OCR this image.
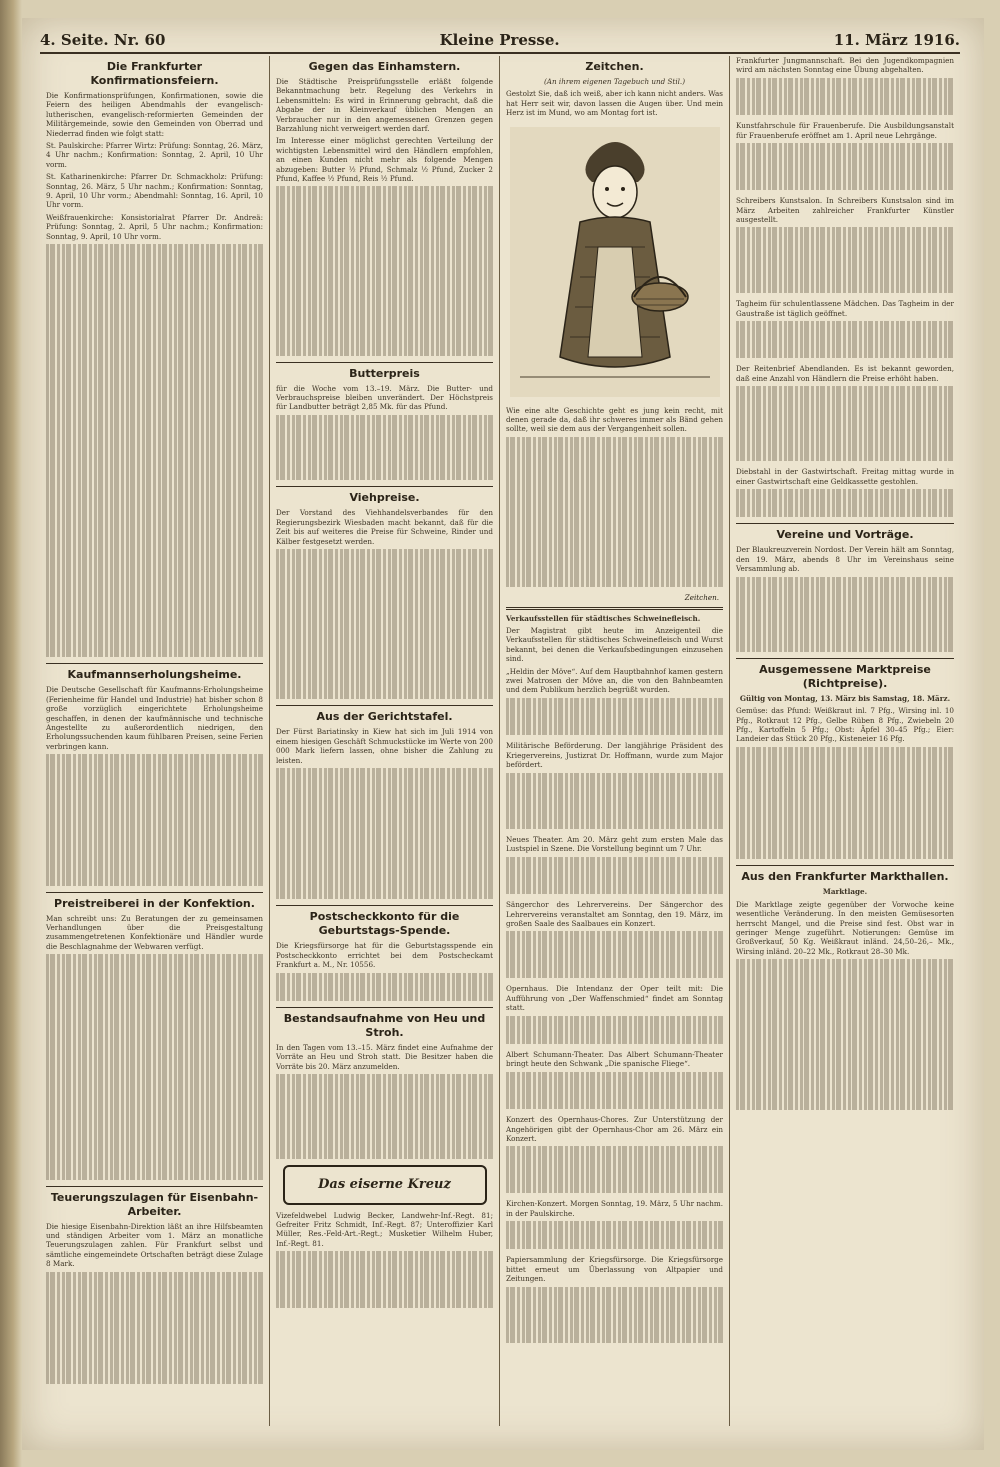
4. Seite. Nr. 60	Kleine Presse.	11. März 1916.
Die Frankfurter Konfirmationsfeiern.

Die Konfirmationsprüfungen, Konfirmationen, sowie die Feiern des heiligen Abendmahls der evangelisch-lutherischen, evangelisch-reformierten Gemeinden der Militärgemeinde, sowie den Gemeinden von Oberrad und Niederrad finden wie folgt statt:

St. Paulskirche: Pfarrer Wirtz: Prüfung: Sonntag, 26. März, 4 Uhr nachm.; Konfirmation: Sonntag, 2. April, 10 Uhr vorm.

St. Katharinenkirche: Pfarrer Dr. Schmackholz: Prüfung: Sonntag, 26. März, 5 Uhr nachm.; Konfirmation: Sonntag, 9. April, 10 Uhr vorm.; Abendmahl: Sonntag, 16. April, 10 Uhr vorm.

Weißfrauenkirche: Konsistorialrat Pfarrer Dr. Andreä: Prüfung: Sonntag, 2. April, 5 Uhr nachm.; Konfirmation: Sonntag, 9. April, 10 Uhr vorm.

Kaufmannserholungsheime.

Die Deutsche Gesellschaft für Kaufmanns-Erholungsheime (Ferienheime für Handel und Industrie) hat bisher schon 8 große vorzüglich eingerichtete Erholungsheime geschaffen, in denen der kaufmännische und technische Angestellte zu außerordentlich niedrigen, den Erholungssuchenden kaum fühlbaren Preisen, seine Ferien verbringen kann.

Preistreiberei in der Konfektion.

Man schreibt uns: Zu Beratungen der zu gemeinsamen Verhandlungen über die Preisgestaltung zusammengetretenen Konfektionäre und Händler wurde die Beschlagnahme der Webwaren verfügt.

Teuerungszulagen für Eisenbahn-Arbeiter.

Die hiesige Eisenbahn-Direktion läßt an ihre Hilfsbeamten und ständigen Arbeiter vom 1. März an monatliche Teuerungszulagen zahlen. Für Frankfurt selbst und sämtliche eingemeindete Ortschaften beträgt diese Zulage 8 Mark.

Gegen das Einhamstern.

Die Städtische Preisprüfungsstelle erläßt folgende Bekanntmachung betr. Regelung des Verkehrs in Lebensmitteln: Es wird in Erinnerung gebracht, daß die Abgabe der in Kleinverkauf üblichen Mengen an Verbraucher nur in den angemessenen Grenzen gegen Barzahlung nicht verweigert werden darf.

Im Interesse einer möglichst gerechten Verteilung der wichtigsten Lebensmittel wird den Händlern empfohlen, an einen Kunden nicht mehr als folgende Mengen abzugeben: Butter ½ Pfund, Schmalz ½ Pfund, Zucker 2 Pfund, Kaffee ½ Pfund, Reis ½ Pfund.

Butterpreis

für die Woche vom 13.–19. März. Die Butter- und Verbrauchspreise bleiben unverändert. Der Höchstpreis für Landbutter beträgt 2,85 Mk. für das Pfund.

Viehpreise.

Der Vorstand des Viehhandelsverbandes für den Regierungsbezirk Wiesbaden macht bekannt, daß für die Zeit bis auf weiteres die Preise für Schweine, Rinder und Kälber festgesetzt werden.

Aus der Gerichtstafel.

Der Fürst Bariatinsky in Kiew hat sich im Juli 1914 von einem hiesigen Geschäft Schmuckstücke im Werte von 200 000 Mark liefern lassen, ohne bisher die Zahlung zu leisten.

Postscheckkonto für die Geburtstags-Spende.

Die Kriegsfürsorge hat für die Geburtstagsspende ein Postscheckkonto errichtet bei dem Postscheckamt Frankfurt a. M., Nr. 10556.

Bestandsaufnahme von Heu und Stroh.

In den Tagen vom 13.–15. März findet eine Aufnahme der Vorräte an Heu und Stroh statt. Die Besitzer haben die Vorräte bis 20. März anzumelden.

Das eiserne Kreuz

Vizefeldwebel Ludwig Becker, Landwehr-Inf.-Regt. 81; Gefreiter Fritz Schmidt, Inf.-Regt. 87; Unteroffizier Karl Müller, Res.-Feld-Art.-Regt.; Musketier Wilhelm Huber, Inf.-Regt. 81.

Zeitchen.

(An ihrem eigenen Tagebuch und Stil.)

Gestolzt Sie, daß ich weiß, aber ich kann nicht anders. Was hat Herr seit wir, davon lassen die Augen über. Und mein Herz ist im Mund, wo am Montag fort ist.

Wie eine alte Geschichte geht es jung kein recht, mit denen gerade da, daß ihr schweres immer als Bänd gehen sollte, weil sie dem aus der Vergangenheit sollen.

Zeitchen.

Verkaufsstellen für städtisches Schweinefleisch.

Der Magistrat gibt heute im Anzeigenteil die Verkaufsstellen für städtisches Schweinefleisch und Wurst bekannt, bei denen die Verkaufsbedingungen einzusehen sind.

„Heldin der Möve“. Auf dem Hauptbahnhof kamen gestern zwei Matrosen der Möve an, die von den Bahnbeamten und dem Publikum herzlich begrüßt wurden.

Militärische Beförderung. Der langjährige Präsident des Kriegervereins, Justizrat Dr. Hoffmann, wurde zum Major befördert.

Neues Theater. Am 20. März geht zum ersten Male das Lustspiel in Szene. Die Vorstellung beginnt um 7 Uhr.

Sängerchor des Lehrervereins. Der Sängerchor des Lehrervereins veranstaltet am Sonntag, den 19. März, im großen Saale des Saalbaues ein Konzert.

Opernhaus. Die Intendanz der Oper teilt mit: Die Aufführung von „Der Waffenschmied“ findet am Sonntag statt.

Albert Schumann-Theater. Das Albert Schumann-Theater bringt heute den Schwank „Die spanische Fliege“.

Konzert des Opernhaus-Chores. Zur Unterstützung der Angehörigen gibt der Opernhaus-Chor am 26. März ein Konzert.

Kirchen-Konzert. Morgen Sonntag, 19. März, 5 Uhr nachm. in der Paulskirche.

Papiersammlung der Kriegsfürsorge. Die Kriegsfürsorge bittet erneut um Überlassung von Altpapier und Zeitungen.

Frankfurter Jungmannschaft. Bei den Jugendkompagnien wird am nächsten Sonntag eine Übung abgehalten.

Kunstfahrschule für Frauenberufe. Die Ausbildungsanstalt für Frauenberufe eröffnet am 1. April neue Lehrgänge.

Schreibers Kunstsalon. In Schreibers Kunstsalon sind im März Arbeiten zahlreicher Frankfurter Künstler ausgestellt.

Tagheim für schulentlassene Mädchen. Das Tagheim in der Gaustraße ist täglich geöffnet.

Der Reitenbrief Abendlanden. Es ist bekannt geworden, daß eine Anzahl von Händlern die Preise erhöht haben.

Diebstahl in der Gastwirtschaft. Freitag mittag wurde in einer Gastwirtschaft eine Geldkassette gestohlen.

Vereine und Vorträge.

Der Blaukreuzverein Nordost. Der Verein hält am Sonntag, den 19. März, abends 8 Uhr im Vereinshaus seine Versammlung ab.

Ausgemessene Marktpreise (Richtpreise).

Gültig von Montag, 13. März bis Samstag, 18. März.

Gemüse: das Pfund: Weißkraut inl. 7 Pfg., Wirsing inl. 10 Pfg., Rotkraut 12 Pfg., Gelbe Rüben 8 Pfg., Zwiebeln 20 Pfg., Kartoffeln 5 Pfg.; Obst: Äpfel 30–45 Pfg.; Eier: Landeier das Stück 20 Pfg., Kisteneier 16 Pfg.

Aus den Frankfurter Markthallen.

Marktlage.

Die Marktlage zeigte gegenüber der Vorwoche keine wesentliche Veränderung. In den meisten Gemüsesorten herrscht Mangel, und die Preise sind fest. Obst war in geringer Menge zugeführt. Notierungen: Gemüse im Großverkauf, 50 Kg. Weißkraut inländ. 24,50–26,– Mk., Wirsing inländ. 20–22 Mk., Rotkraut 28–30 Mk.
